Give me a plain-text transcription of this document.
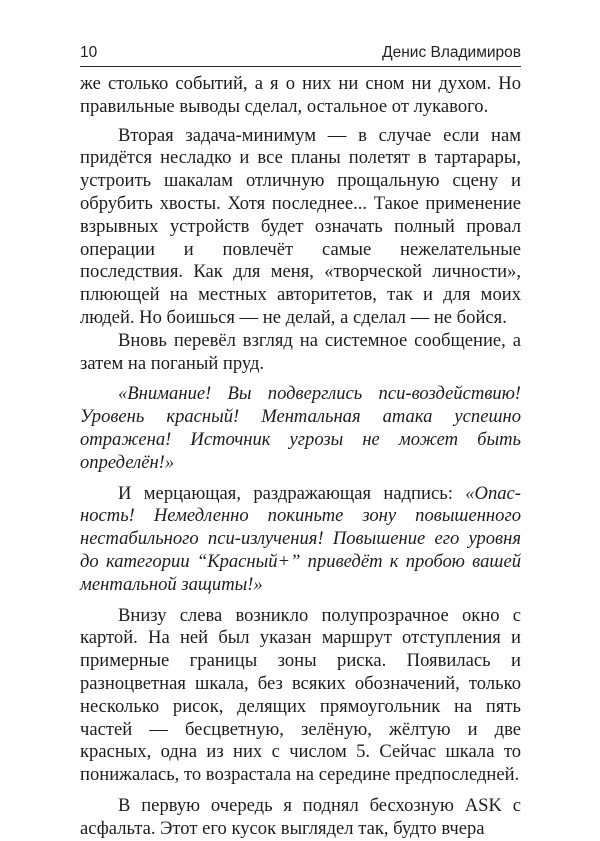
10	Денис Владимиров

же столько событий, а я о них ни сном ни духом. Но правильные выводы сделал, остальное от лукавого.

Вторая задача-минимум — в случае если нам придётся несладко и все планы полетят в тартарары, устроить шакалам отличную прощальную сцену и обрубить хвосты. Хотя последнее... Такое применение взрывных устройств будет означать полный провал операции и повлечёт самые нежелательные последствия. Как для меня, «творческой личности», плюющей на местных авторитетов, так и для моих людей. Но боишься — не делай, а сделал — не бойся.

Вновь перевёл взгляд на системное сообщение, а затем на поганый пруд.

«Внимание! Вы подверглись пси-воздействию! Уровень красный! Ментальная атака успешно отражена! Источник угрозы не может быть определён!»

И мерцающая, раздражающая надпись: «Опас-ность! Немедленно покиньте зону повышенного нестабильного пси-излучения! Повышение его уровня до категории “Красный+” приведёт к пробою вашей ментальной защиты!»

Внизу слева возникло полупрозрачное окно с картой. На ней был указан маршрут отступления и примерные границы зоны риска. Появилась и разноцветная шкала, без всяких обозначений, только несколько рисок, делящих прямоугольник на пять частей — бесцветную, зелёную, жёлтую и две красных, одна из них с числом 5. Сейчас шкала то понижалась, то возрастала на середине предпоследней.

В первую очередь я поднял бесхозную ASK с асфальта. Этот его кусок выглядел так, будто вчера
